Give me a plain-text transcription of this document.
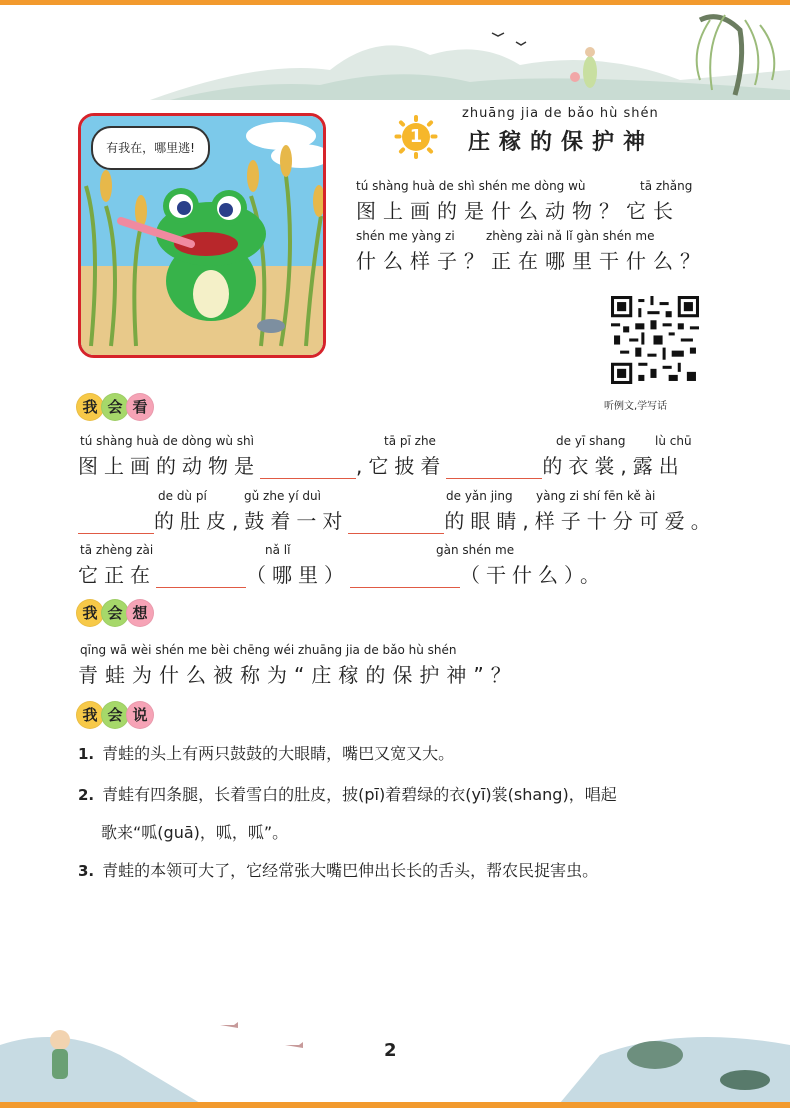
有我在，哪里逃!
1
zhuāng jia de bǎo hù shén
庄稼的保护神
tú shàng huà de shì shén me dòng wù	tā zhǎng
图上画的是什么动物？它长
shén me yàng zi	zhèng zài nǎ lǐ gàn shén me
什么样子？正在哪里干什么？
听例文,学写话
我 会 看
tú shàng huà de dòng wù shì	tā pī zhe	de yī shang lù chū
图上画的动物是	,它披着	的衣裳,露出
de dù pí	gǔ zhe yí duì	de yǎn jing yàng zi shí fēn kě ài
的肚皮,鼓着一对	的眼睛,样子十分可爱。
tā zhèng zài	nǎ lǐ	gàn shén me
它正在	（哪里）	（干什么）。
我 会 想
qīng wā wèi shén me bèi chēng wéi zhuāng jia de bǎo hù shén
青蛙为什么被称为“庄稼的保护神”？
我 会 说
1. 青蛙的头上有两只鼓鼓的大眼睛，嘴巴又宽又大。
2. 青蛙有四条腿，长着雪白的肚皮，披(pī)着碧绿的衣(yī)裳(shang)，唱起
歌来“呱(guā)，呱，呱”。
3. 青蛙的本领可大了，它经常张大嘴巴伸出长长的舌头，帮农民捉害虫。
2
